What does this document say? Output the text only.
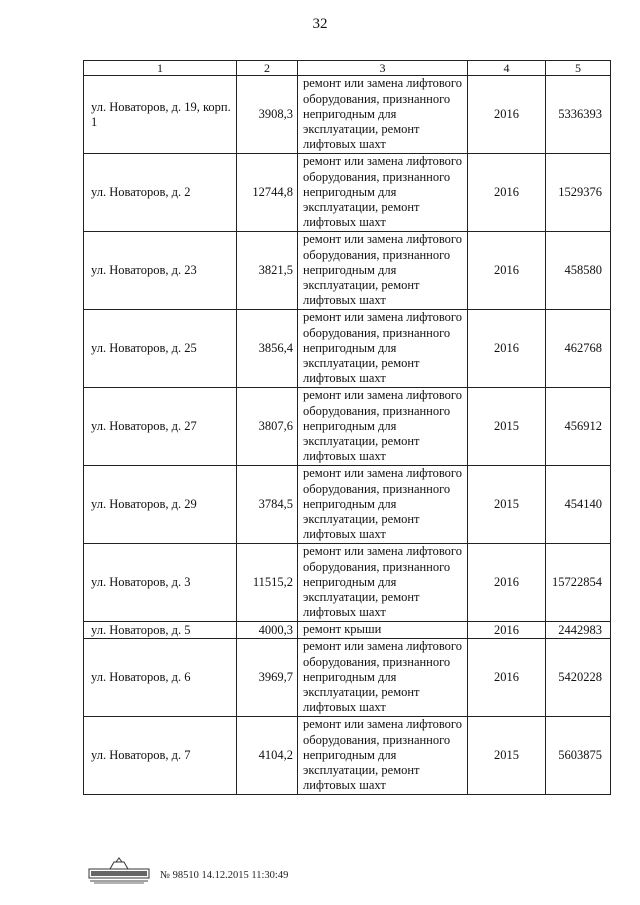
32
1	2	3	4	5
ул. Новаторов, д. 19, корп. 1	3908,3	ремонт или замена лифтового оборудования, признанного непригодным для эксплуатации, ремонт лифтовых шахт	2016	5336393
ул. Новаторов, д. 2	12744,8	ремонт или замена лифтового оборудования, признанного непригодным для эксплуатации, ремонт лифтовых шахт	2016	1529376
ул. Новаторов, д. 23	3821,5	ремонт или замена лифтового оборудования, признанного непригодным для эксплуатации, ремонт лифтовых шахт	2016	458580
ул. Новаторов, д. 25	3856,4	ремонт или замена лифтового оборудования, признанного непригодным для эксплуатации, ремонт лифтовых шахт	2016	462768
ул. Новаторов, д. 27	3807,6	ремонт или замена лифтового оборудования, признанного непригодным для эксплуатации, ремонт лифтовых шахт	2015	456912
ул. Новаторов, д. 29	3784,5	ремонт или замена лифтового оборудования, признанного непригодным для эксплуатации, ремонт лифтовых шахт	2015	454140
ул. Новаторов, д. 3	11515,2	ремонт или замена лифтового оборудования, признанного непригодным для эксплуатации, ремонт лифтовых шахт	2016	15722854
ул. Новаторов, д. 5	4000,3	ремонт крыши	2016	2442983
ул. Новаторов, д. 6	3969,7	ремонт или замена лифтового оборудования, признанного непригодным для эксплуатации, ремонт лифтовых шахт	2016	5420228
ул. Новаторов, д. 7	4104,2	ремонт или замена лифтового оборудования, признанного непригодным для эксплуатации, ремонт лифтовых шахт	2015	5603875
№ 98510 14.12.2015 11:30:49
